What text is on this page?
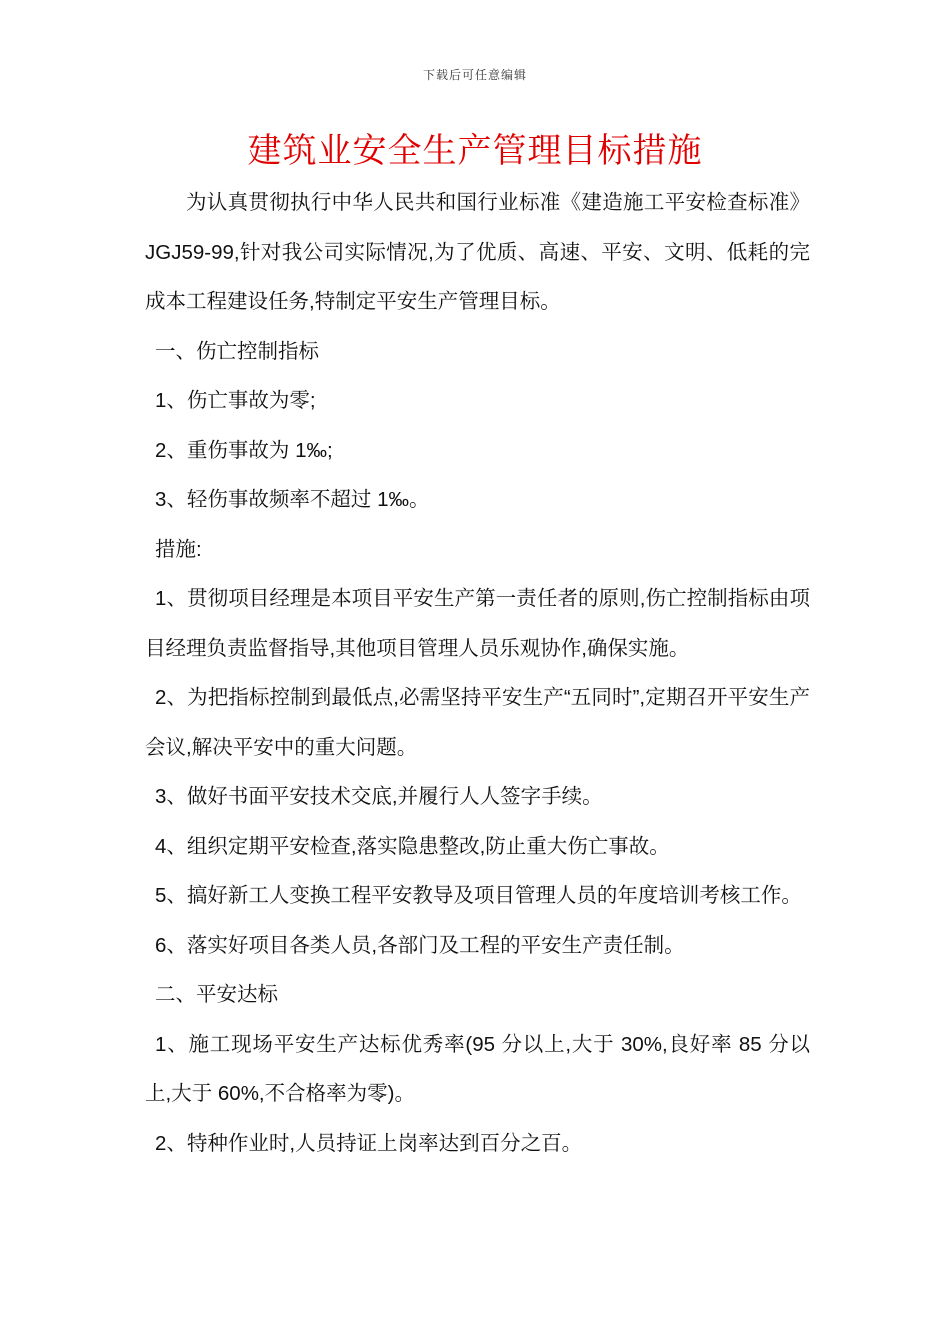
下载后可任意编辑
建筑业安全生产管理目标措施

为认真贯彻执行中华人民共和国行业标准《建造施工平安检查标准》JGJ59-99,针对我公司实际情况,为了优质、高速、平安、文明、低耗的完成本工程建设任务,特制定平安生产管理目标。

一、伤亡控制指标

1、伤亡事故为零;

2、重伤事故为 1‰;

3、轻伤事故频率不超过 1‰。

措施:

1、贯彻项目经理是本项目平安生产第一责任者的原则,伤亡控制指标由项目经理负责监督指导,其他项目管理人员乐观协作,确保实施。

2、为把指标控制到最低点,必需坚持平安生产“五同时”,定期召开平安生产会议,解决平安中的重大问题。

3、做好书面平安技术交底,并履行人人签字手续。

4、组织定期平安检查,落实隐患整改,防止重大伤亡事故。

5、搞好新工人变换工程平安教导及项目管理人员的年度培训考核工作。

6、落实好项目各类人员,各部门及工程的平安生产责任制。

二、平安达标

1、施工现场平安生产达标优秀率(95 分以上,大于 30%,良好率 85 分以上,大于 60%,不合格率为零)。

2、特种作业时,人员持证上岗率达到百分之百。
